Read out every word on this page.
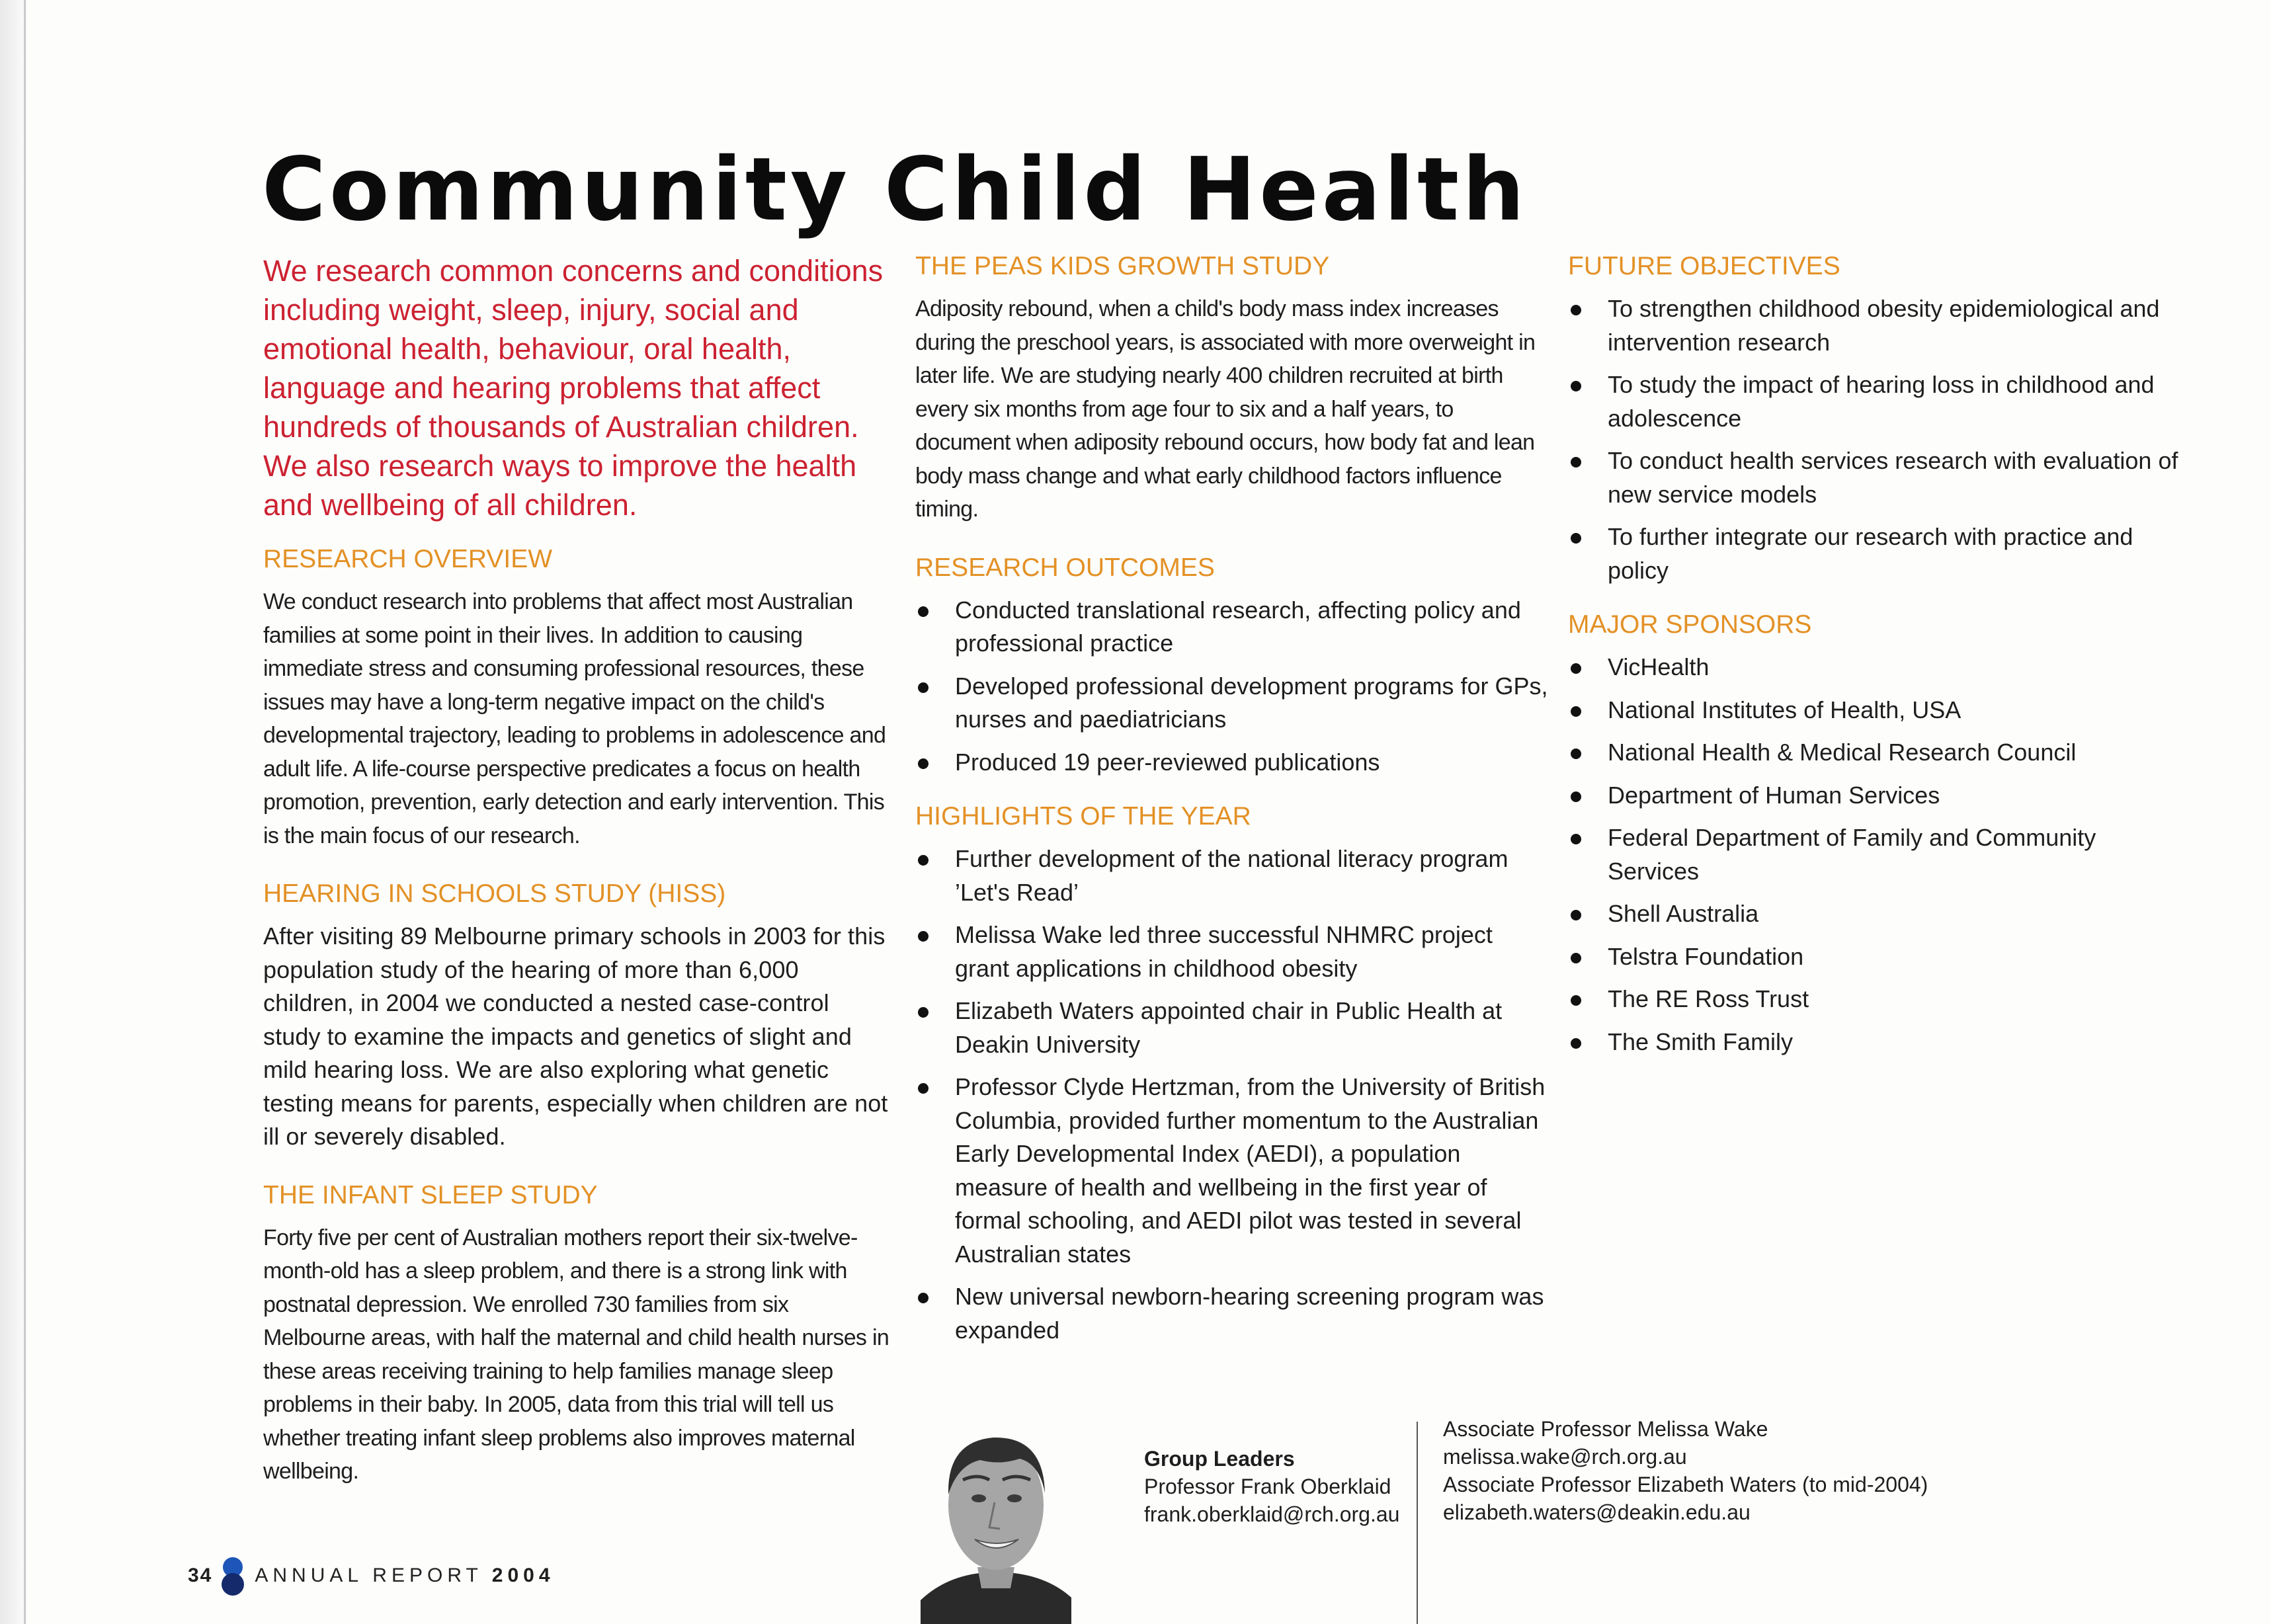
Community Child Health

We research common concerns and conditions including weight, sleep, injury, social and emotional health, behaviour, oral health, language and hearing problems that affect hundreds of thousands of Australian children. We also research ways to improve the health and wellbeing of all children.

RESEARCH OVERVIEW

We conduct research into problems that affect most Australian families at some point in their lives. In addition to causing immediate stress and consuming professional resources, these issues may have a long-term negative impact on the child's developmental trajectory, leading to problems in adolescence and adult life. A life-course perspective predicates a focus on health promotion, prevention, early detection and early intervention. This is the main focus of our research.

HEARING IN SCHOOLS STUDY (HISS)

After visiting 89 Melbourne primary schools in 2003 for this population study of the hearing of more than 6,000 children, in 2004 we conducted a nested case-control study to examine the impacts and genetics of slight and mild hearing loss. We are also exploring what genetic testing means for parents, especially when children are not ill or severely disabled.

THE INFANT SLEEP STUDY

Forty five per cent of Australian mothers report their six-twelve-month-old has a sleep problem, and there is a strong link with postnatal depression. We enrolled 730 families from six Melbourne areas, with half the maternal and child health nurses in these areas receiving training to help families manage sleep problems in their baby. In 2005, data from this trial will tell us whether treating infant sleep problems also improves maternal wellbeing.

THE PEAS KIDS GROWTH STUDY

Adiposity rebound, when a child's body mass index increases during the preschool years, is associated with more overweight in later life. We are studying nearly 400 children recruited at birth every six months from age four to six and a half years, to document when adiposity rebound occurs, how body fat and lean body mass change and what early childhood factors influence timing.

RESEARCH OUTCOMES
Conducted translational research, affecting policy and professional practice
Developed professional development programs for GPs, nurses and paediatricians
Produced 19 peer-reviewed publications
HIGHLIGHTS OF THE YEAR
Further development of the national literacy program ’Let's Read’
Melissa Wake led three successful NHMRC project grant applications in childhood obesity
Elizabeth Waters appointed chair in Public Health at Deakin University
Professor Clyde Hertzman, from the University of British Columbia, provided further momentum to the Australian Early Developmental Index (AEDI), a population measure of health and wellbeing in the first year of formal schooling, and AEDI pilot was tested in several Australian states
New universal newborn-hearing screening program was expanded
FUTURE OBJECTIVES
To strengthen childhood obesity epidemiological and intervention research
To study the impact of hearing loss in childhood and adolescence
To conduct health services research with evaluation of new service models
To further integrate our research with practice and policy
MAJOR SPONSORS
VicHealth
National Institutes of Health, USA
National Health & Medical Research Council
Department of Human Services
Federal Department of Family and Community Services
Shell Australia
Telstra Foundation
The RE Ross Trust
The Smith Family
Group Leaders
Professor Frank Oberklaid
frank.oberklaid@rch.org.au
Associate Professor Melissa Wake
melissa.wake@rch.org.au
Associate Professor Elizabeth Waters (to mid-2004)
elizabeth.waters@deakin.edu.au
34 ANNUAL REPORT 2004
